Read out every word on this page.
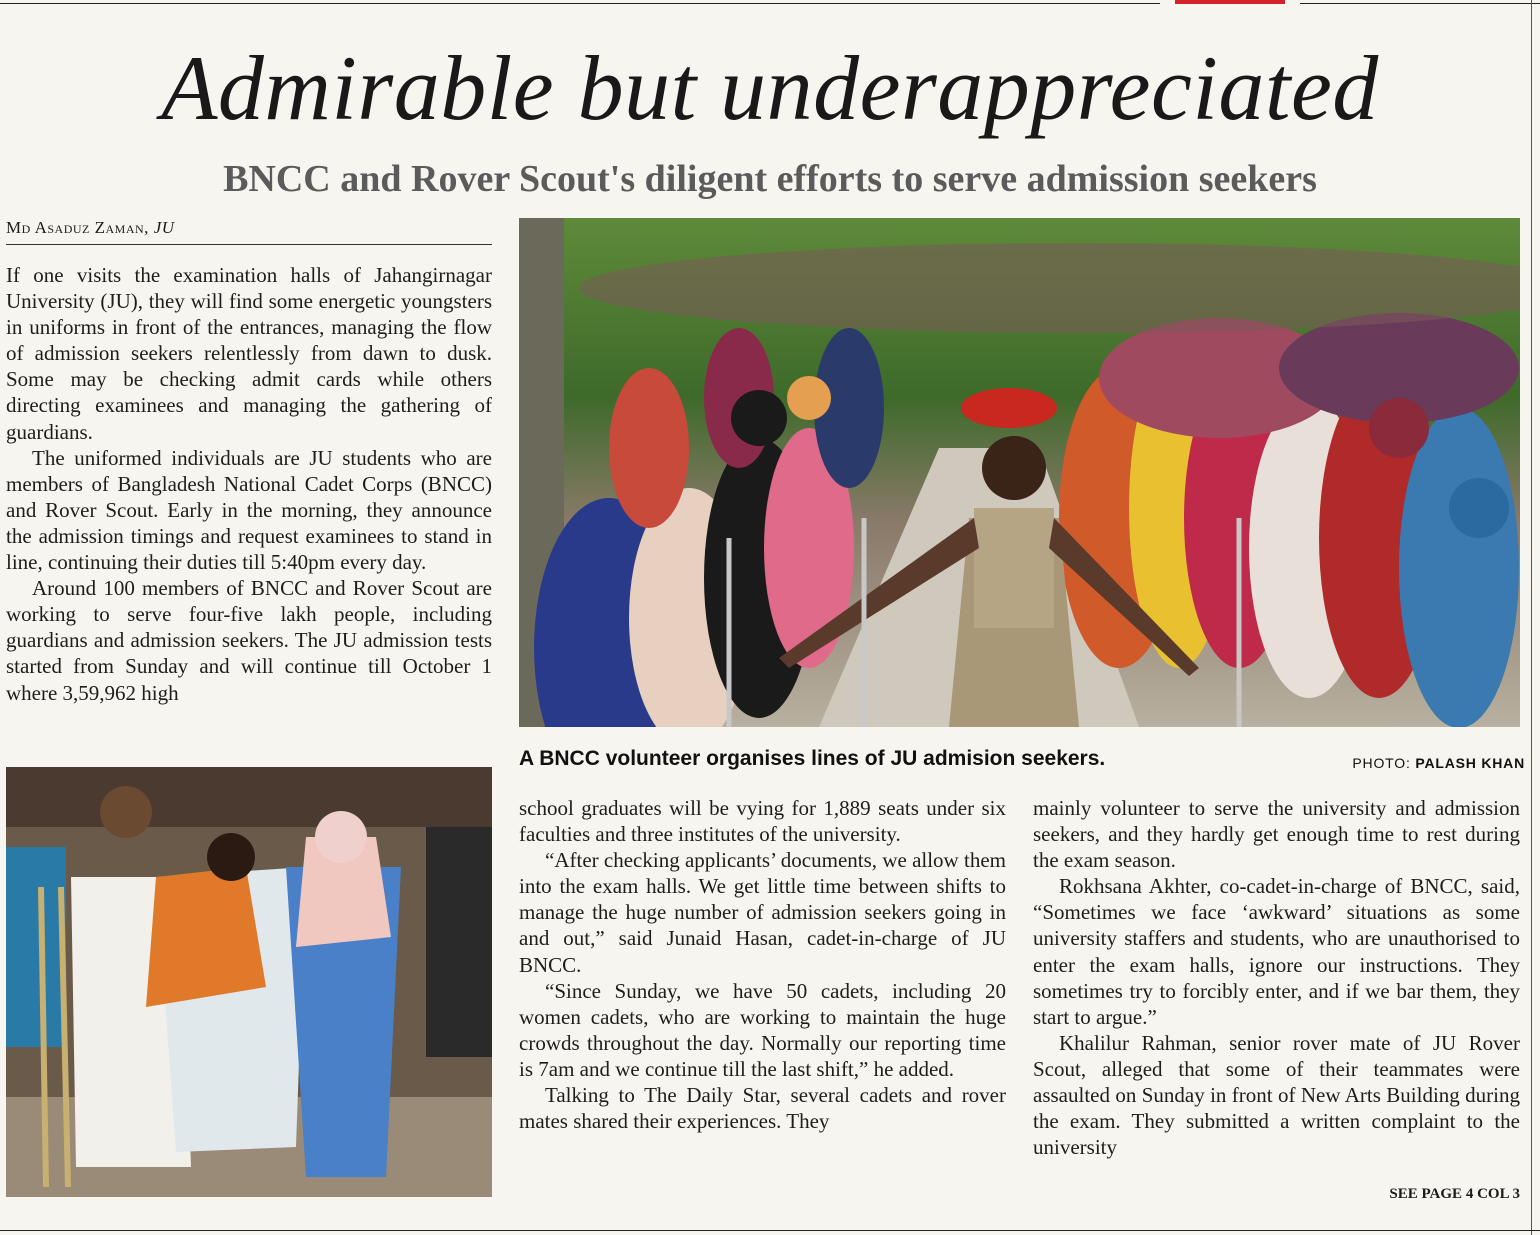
Admirable but underappreciated
BNCC and Rover Scout's diligent efforts to serve admission seekers
Md Asaduz Zaman, JU

If one visits the examination halls of Jahangirnagar University (JU), they will find some energetic youngsters in uniforms in front of the entrances, managing the flow of admission seekers relentlessly from dawn to dusk. Some may be checking admit cards while others directing examinees and managing the gathering of guardians.

The uniformed individuals are JU students who are members of Bangladesh National Cadet Corps (BNCC) and Rover Scout. Early in the morning, they announce the admission timings and request examinees to stand in line, continuing their duties till 5:40pm every day.

Around 100 members of BNCC and Rover Scout are working to serve four-five lakh people, including guardians and admission seekers. The JU admission tests started from Sunday and will continue till October 1 where 3,59,962 high

A BNCC volunteer organises lines of JU admision seekers.	PHOTO: PALASH KHAN

school graduates will be vying for 1,889 seats under six faculties and three institutes of the university.

“After checking applicants’ documents, we allow them into the exam halls. We get little time between shifts to manage the huge number of admission seekers going in and out,” said Junaid Hasan, cadet-in-charge of JU BNCC.

“Since Sunday, we have 50 cadets, including 20 women cadets, who are working to maintain the huge crowds throughout the day. Normally our reporting time is 7am and we continue till the last shift,” he added.

Talking to The Daily Star, several cadets and rover mates shared their experiences. They

mainly volunteer to serve the university and admission seekers, and they hardly get enough time to rest during the exam season.

Rokhsana Akhter, co-cadet-in-charge of BNCC, said, “Sometimes we face ‘awkward’ situations as some university staffers and students, who are unauthorised to enter the exam halls, ignore our instructions. They sometimes try to forcibly enter, and if we bar them, they start to argue.”

Khalilur Rahman, senior rover mate of JU Rover Scout, alleged that some of their teammates were assaulted on Sunday in front of New Arts Building during the exam. They submitted a written complaint to the university

SEE PAGE 4 COL 3
